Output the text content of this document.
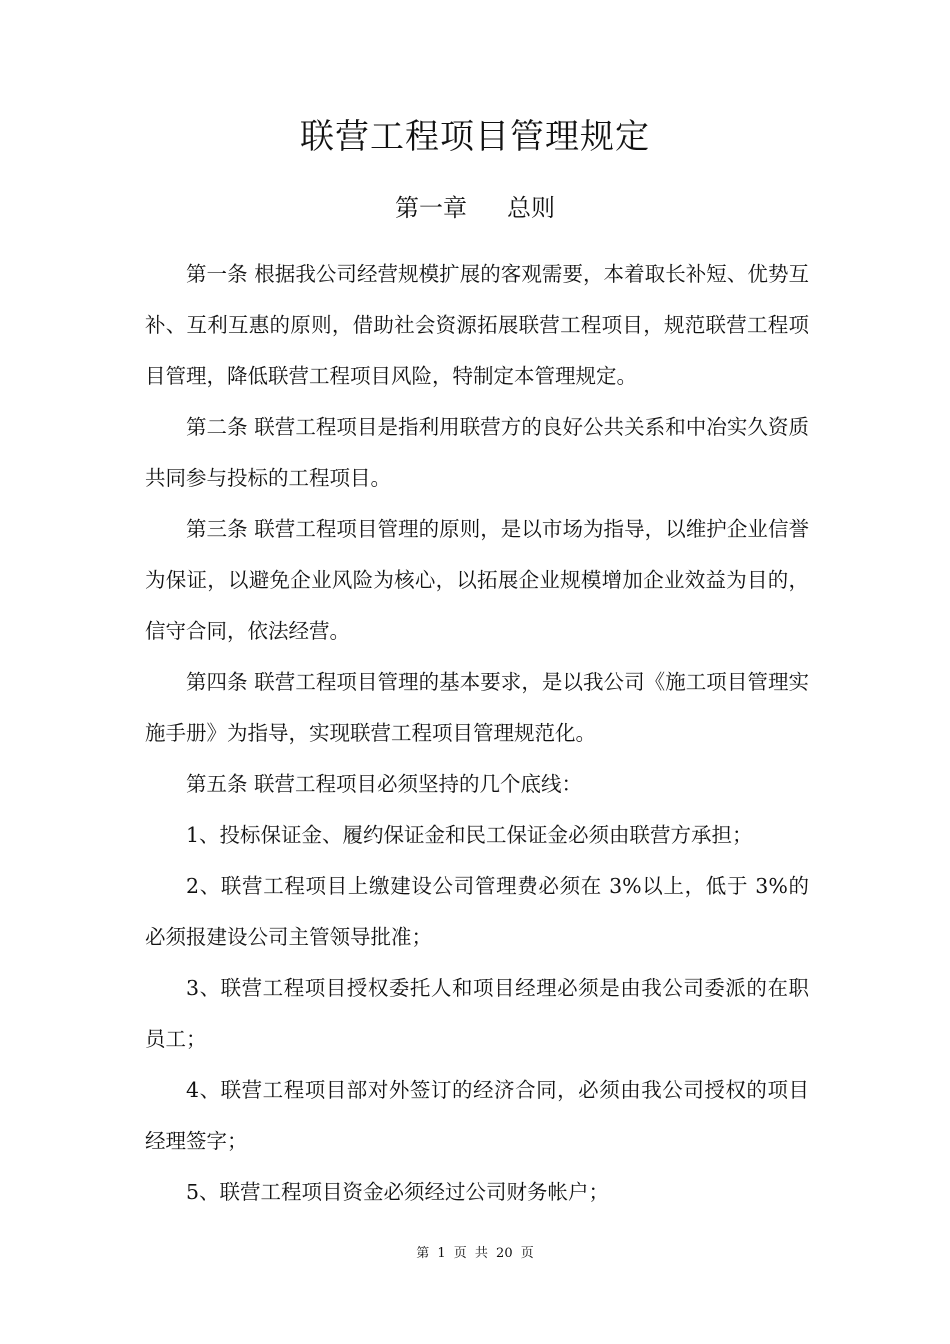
联营工程项目管理规定
第一章 总则

第一条 根据我公司经营规模扩展的客观需要，本着取长补短、优势互补、互利互惠的原则，借助社会资源拓展联营工程项目，规范联营工程项目管理，降低联营工程项目风险，特制定本管理规定。

第二条 联营工程项目是指利用联营方的良好公共关系和中冶实久资质共同参与投标的工程项目。

第三条 联营工程项目管理的原则，是以市场为指导，以维护企业信誉为保证，以避免企业风险为核心，以拓展企业规模增加企业效益为目的，信守合同，依法经营。

第四条 联营工程项目管理的基本要求，是以我公司《施工项目管理实施手册》为指导，实现联营工程项目管理规范化。

第五条 联营工程项目必须坚持的几个底线：

1、投标保证金、履约保证金和民工保证金必须由联营方承担；

2、联营工程项目上缴建设公司管理费必须在 3%以上，低于 3%的必须报建设公司主管领导批准；

3、联营工程项目授权委托人和项目经理必须是由我公司委派的在职员工；

4、联营工程项目部对外签订的经济合同，必须由我公司授权的项目经理签字；

5、联营工程项目资金必须经过公司财务帐户；

第 1 页 共 20 页
